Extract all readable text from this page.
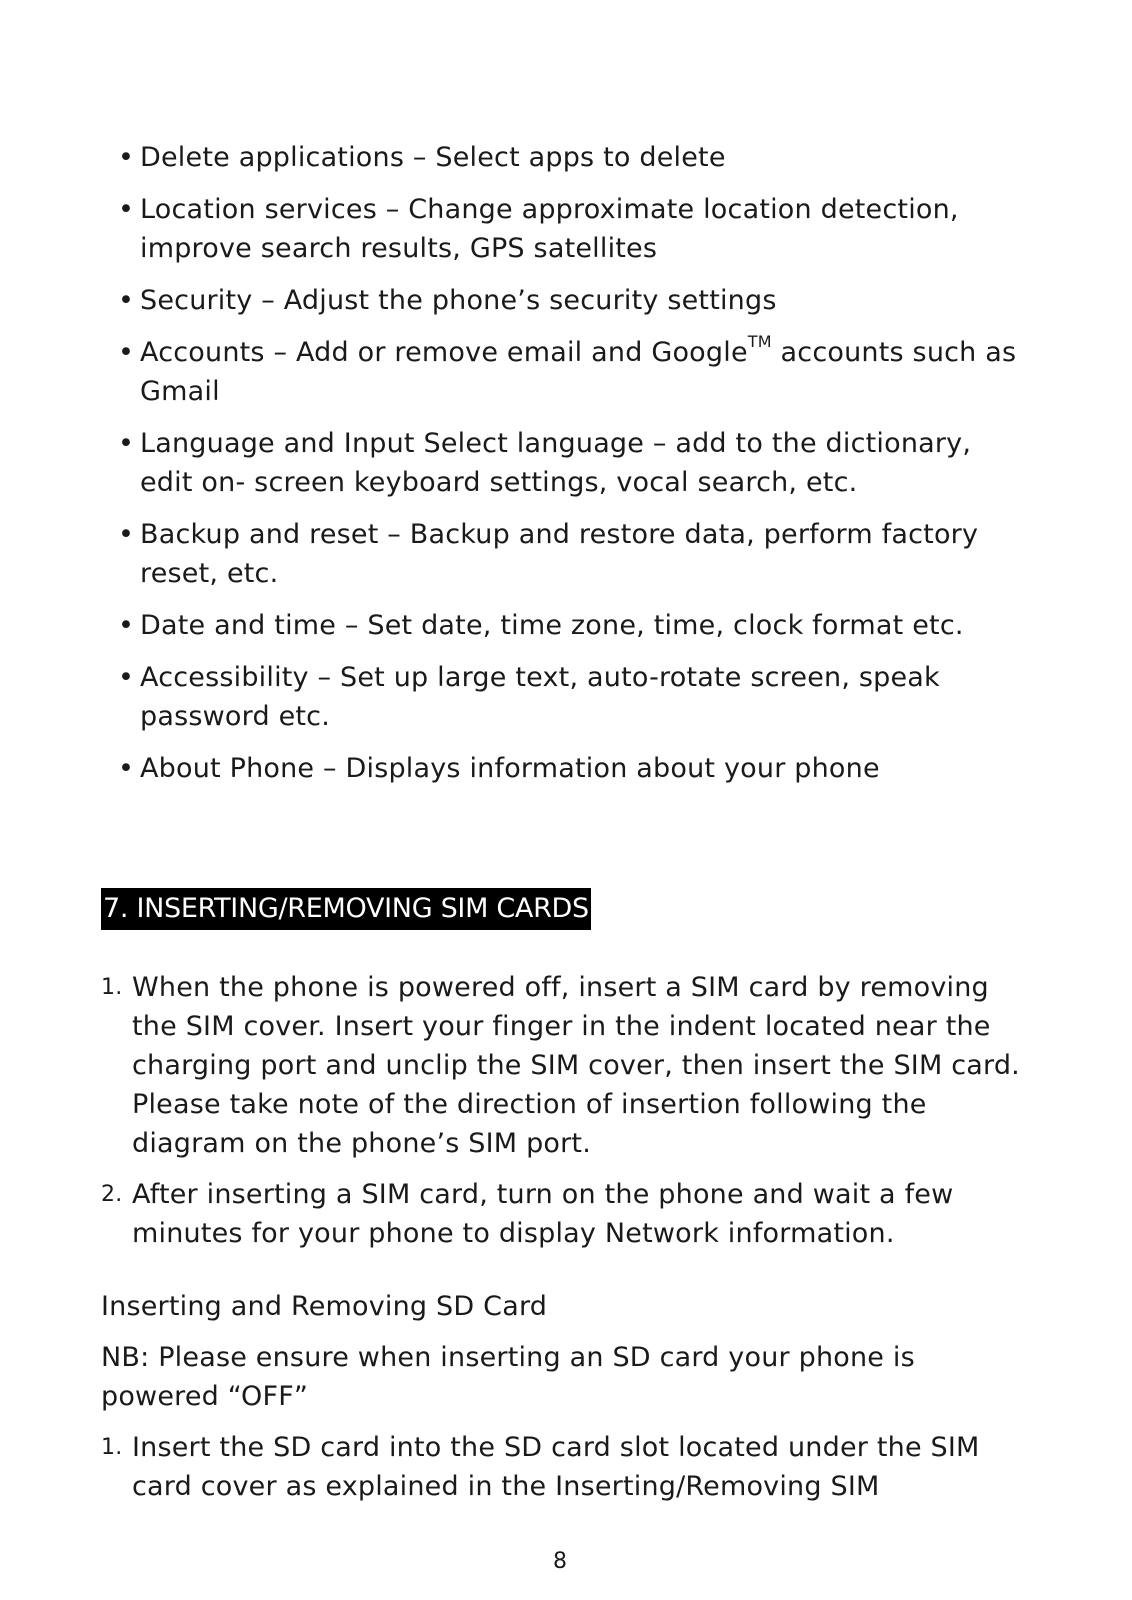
• Delete applications – Select apps to delete
• Location services – Change approximate location detection, improve search results, GPS satellites
• Security – Adjust the phone’s security settings
• Accounts – Add or remove email and Google™ accounts such as Gmail
• Language and Input Select language – add to the dictionary, edit on- screen keyboard settings, vocal search, etc.
• Backup and reset – Backup and restore data, perform factory reset, etc.
• Date and time – Set date, time zone, time, clock format etc.
• Accessibility – Set up large text, auto-rotate screen, speak password etc.
• About Phone – Displays information about your phone
7. INSERTING/REMOVING SIM CARDS
1. When the phone is powered off, insert a SIM card by removing the SIM cover. Insert your finger in the indent located near the charging port and unclip the SIM cover, then insert the SIM card. Please take note of the direction of insertion following the diagram on the phone’s SIM port.
2. After inserting a SIM card, turn on the phone and wait a few minutes for your phone to display Network information.
Inserting and Removing SD Card
NB: Please ensure when inserting an SD card your phone is powered “OFF”
1. Insert the SD card into the SD card slot located under the SIM card cover as explained in the Inserting/Removing SIM
8
